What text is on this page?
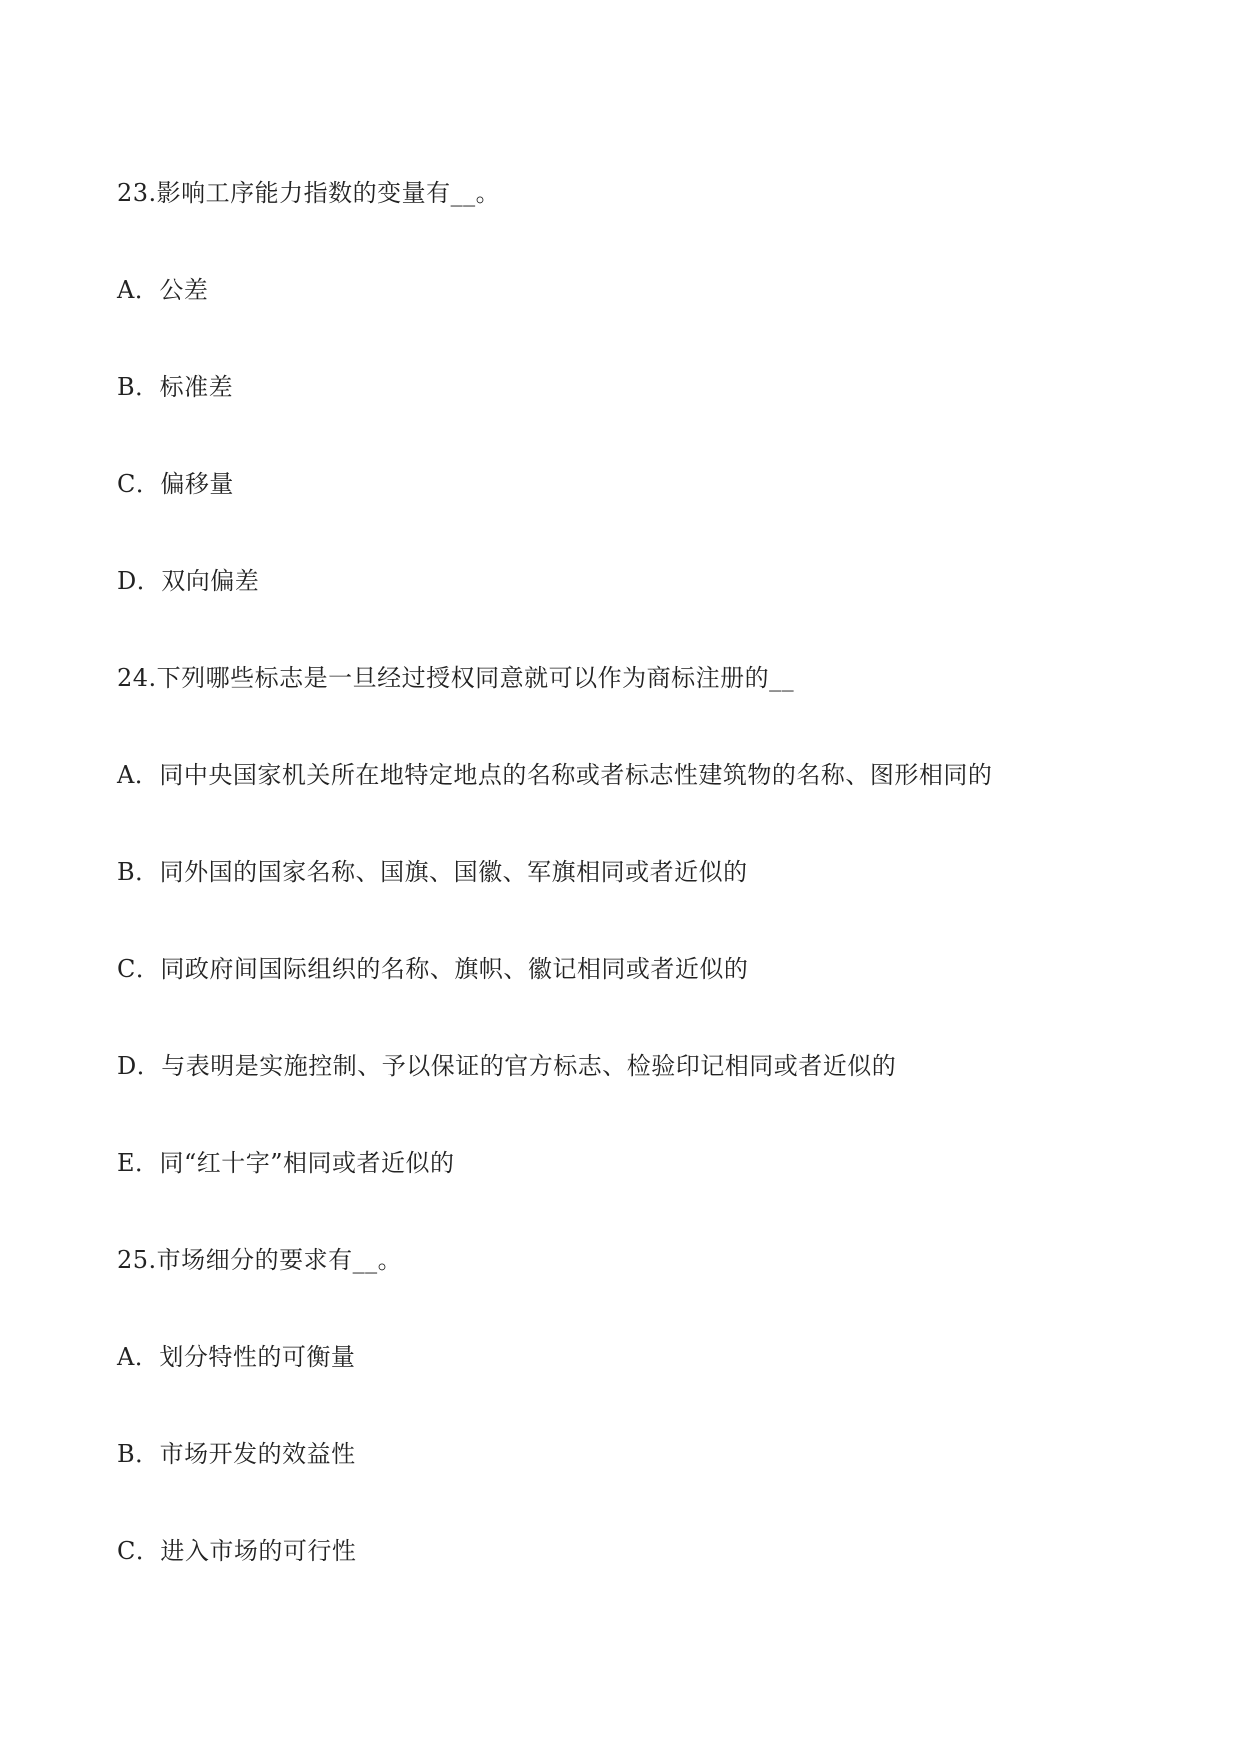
23.影响工序能力指数的变量有__。
A．公差
B．标准差
C．偏移量
D．双向偏差
24.下列哪些标志是一旦经过授权同意就可以作为商标注册的__
A．同中央国家机关所在地特定地点的名称或者标志性建筑物的名称、图形相同的
B．同外国的国家名称、国旗、国徽、军旗相同或者近似的
C．同政府间国际组织的名称、旗帜、徽记相同或者近似的
D．与表明是实施控制、予以保证的官方标志、检验印记相同或者近似的
E．同“红十字”相同或者近似的
25.市场细分的要求有__。
A．划分特性的可衡量
B．市场开发的效益性
C．进入市场的可行性
